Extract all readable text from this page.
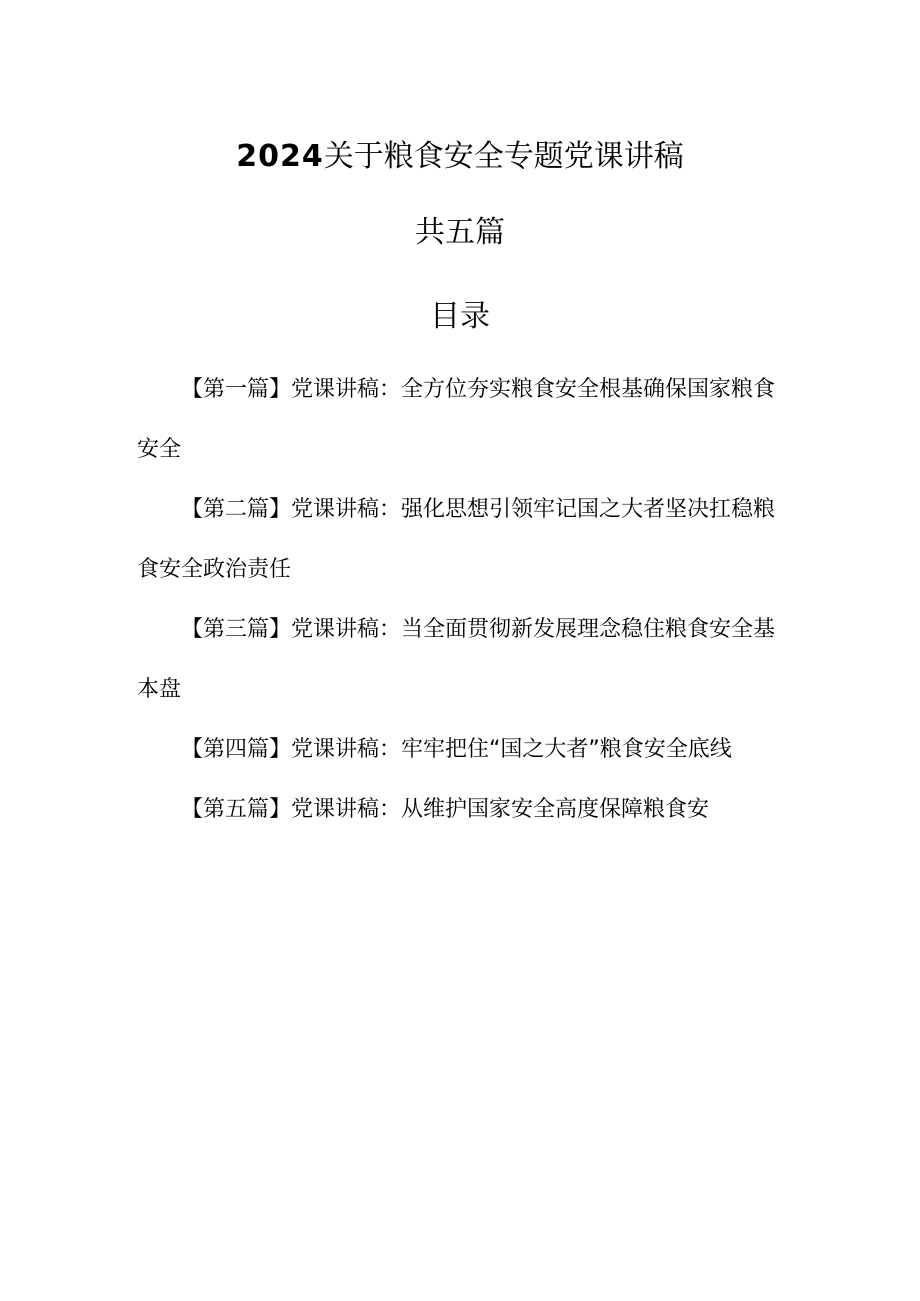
2024关于粮食安全专题党课讲稿
共五篇
目录
【第一篇】党课讲稿：全方位夯实粮食安全根基确保国家粮食安全
【第二篇】党课讲稿：强化思想引领牢记国之大者坚决扛稳粮食安全政治责任
【第三篇】党课讲稿：当全面贯彻新发展理念稳住粮食安全基本盘
【第四篇】党课讲稿：牢牢把住“国之大者”粮食安全底线
【第五篇】党课讲稿：从维护国家安全高度保障粮食安
